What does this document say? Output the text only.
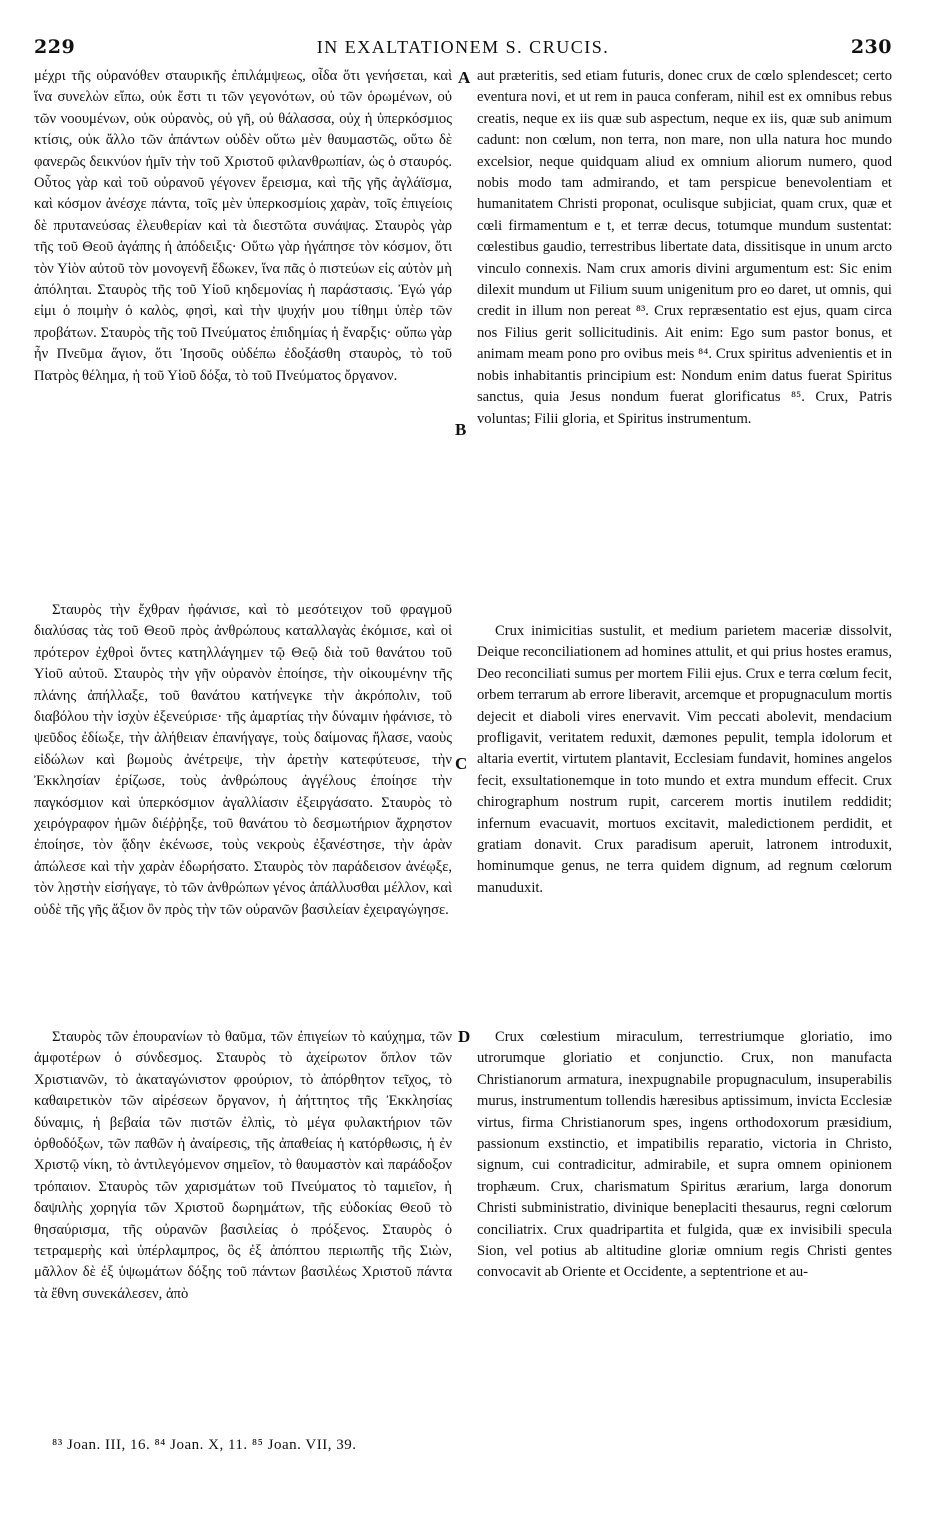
229	IN EXALTATIONEM S. CRUCIS.	230

μέχρι τῆς οὐρανόθεν σταυρικῆς ἐπιλάμψεως, οἶδα ὅτι γενήσεται, καὶ ἵνα συνελὼν εἴπω, οὐκ ἔστι τι τῶν γεγονότων, οὐ τῶν ὁρωμένων, οὐ τῶν νοουμένων, οὐκ οὐρανὸς, οὐ γῆ, οὐ θάλασσα, οὐχ ἡ ὑπερκόσμιος κτίσις, οὐκ ἄλλο τῶν ἁπάντων οὐδὲν οὕτω μὲν θαυμαστῶς, οὕτω δὲ φανερῶς δεικνύον ἡμῖν τὴν τοῦ Χριστοῦ φιλανθρωπίαν, ὡς ὁ σταυρός. Οὗτος γὰρ καὶ τοῦ οὐρανοῦ γέγονεν ἔρεισμα, καὶ τῆς γῆς ἀγλάϊσμα, καὶ κόσμον ἀνέσχε πάντα, τοῖς μὲν ὑπερκοσμίοις χαρὰν, τοῖς ἐπιγείοις δὲ πρυτανεύσας ἐλευθερίαν καὶ τὰ διεστῶτα συνάψας. Σταυρὸς γὰρ τῆς τοῦ Θεοῦ ἀγάπης ἡ ἀπόδειξις· Οὕτω γὰρ ἠγάπησε τὸν κόσμον, ὅτι τὸν Υἱὸν αὐτοῦ τὸν μονογενῆ ἔδωκεν, ἵνα πᾶς ὁ πιστεύων εἰς αὐτὸν μὴ ἀπόληται. Σταυρὸς τῆς τοῦ Υἱοῦ κηδεμονίας ἡ παράστασις. Ἐγώ γάρ εἰμι ὁ ποιμὴν ὁ καλὸς, φησὶ, καὶ τὴν ψυχήν μου τίθημι ὑπὲρ τῶν προβάτων. Σταυρὸς τῆς τοῦ Πνεύματος ἐπιδημίας ἡ ἔναρξις· οὔπω γὰρ ἦν Πνεῦμα ἅγιον, ὅτι Ἰησοῦς οὐδέπω ἐδοξάσθη σταυρὸς, τὸ τοῦ Πατρὸς θέλημα, ἡ τοῦ Υἱοῦ δόξα, τὸ τοῦ Πνεύματος ὄργανον.

Σταυρὸς τὴν ἔχθραν ἠφάνισε, καὶ τὸ μεσότειχον τοῦ φραγμοῦ διαλύσας τὰς τοῦ Θεοῦ πρὸς ἀνθρώπους καταλλαγὰς ἐκόμισε, καὶ οἱ πρότερον ἐχθροὶ ὄντες κατηλλάγημεν τῷ Θεῷ διὰ τοῦ θανάτου τοῦ Υἱοῦ αὐτοῦ. Σταυρὸς τὴν γῆν οὐρανὸν ἐποίησε, τὴν οἰκουμένην τῆς πλάνης ἀπήλλαξε, τοῦ θανάτου κατήνεγκε τὴν ἀκρόπολιν, τοῦ διαβόλου τὴν ἰσχὺν ἐξενεύρισε· τῆς ἁμαρτίας τὴν δύναμιν ἠφάνισε, τὸ ψεῦδος ἐδίωξε, τὴν ἀλήθειαν ἐπανήγαγε, τοὺς δαίμονας ἤλασε, ναοὺς εἰδώλων καὶ βωμοὺς ἀνέτρεψε, τὴν ἀρετὴν κατεφύτευσε, τὴν Ἐκκλησίαν ἐρίζωσε, τοὺς ἀνθρώπους ἀγγέλους ἐποίησε τὴν παγκόσμιον καὶ ὑπερκόσμιον ἀγαλλίασιν ἐξειργάσατο. Σταυρὸς τὸ χειρόγραφον ἡμῶν διέῤῥηξε, τοῦ θανάτου τὸ δεσμωτήριον ἄχρηστον ἐποίησε, τὸν ᾅδην ἐκένωσε, τοὺς νεκροὺς ἐξανέστησε, τὴν ἀρὰν ἀπώλεσε καὶ τὴν χαρὰν ἐδωρήσατο. Σταυρὸς τὸν παράδεισον ἀνέῳξε, τὸν λῃστὴν εἰσήγαγε, τὸ τῶν ἀνθρώπων γένος ἀπάλλυσθαι μέλλον, καὶ οὐδὲ τῆς γῆς ἄξιον ὂν πρὸς τὴν τῶν οὐρανῶν βασιλείαν ἐχειραγώγησε.

Σταυρὸς τῶν ἐπουρανίων τὸ θαῦμα, τῶν ἐπιγείων τὸ καύχημα, τῶν ἀμφοτέρων ὁ σύνδεσμος. Σταυρὸς τὸ ἀχείρωτον ὅπλον τῶν Χριστιανῶν, τὸ ἀκαταγώνιστον φρούριον, τὸ ἀπόρθητον τεῖχος, τὸ καθαιρετικὸν τῶν αἱρέσεων ὄργανον, ἡ ἀήττητος τῆς Ἐκκλησίας δύναμις, ἡ βεβαία τῶν πιστῶν ἐλπὶς, τὸ μέγα φυλακτήριον τῶν ὀρθοδόξων, τῶν παθῶν ἡ ἀναίρεσις, τῆς ἀπαθείας ἡ κατόρθωσις, ἡ ἐν Χριστῷ νίκη, τὸ ἀντιλεγόμενον σημεῖον, τὸ θαυμαστὸν καὶ παράδοξον τρόπαιον. Σταυρὸς τῶν χαρισμάτων τοῦ Πνεύματος τὸ ταμιεῖον, ἡ δαψιλὴς χορηγία τῶν Χριστοῦ δωρημάτων, τῆς εὐδοκίας Θεοῦ τὸ θησαύρισμα, τῆς οὐρανῶν βασιλείας ὁ πρόξενος. Σταυρὸς ὁ τετραμερὴς καὶ ὑπέρλαμπρος, ὃς ἐξ ἀπόπτου περιωπῆς τῆς Σιὼν, μᾶλλον δὲ ἐξ ὑψωμάτων δόξης τοῦ πάντων βασιλέως Χριστοῦ πάντα τὰ ἔθνη συνεκάλεσεν, ἀπὸ

aut præteritis, sed etiam futuris, donec crux de cœlo splendescet; certo eventura novi, et ut rem in pauca conferam, nihil est ex omnibus rebus creatis, neque ex iis quæ sub aspectum, neque ex iis, quæ sub animum cadunt: non cœlum, non terra, non mare, non ulla natura hoc mundo excelsior, neque quidquam aliud ex omnium aliorum numero, quod nobis modo tam admirando, et tam perspicue benevolentiam et humanitatem Christi proponat, oculisque subjiciat, quam crux, quæ et cœli firmamentum e t, et terræ decus, totumque mundum sustentat: cœlestibus gaudio, terrestribus libertate data, dissitisque in unum arcto vinculo connexis. Nam crux amoris divini argumentum est: Sic enim dilexit mundum ut Filium suum unigenitum pro eo daret, ut omnis, qui credit in illum non pereat ⁸³. Crux repræsentatio est ejus, quam circa nos Filius gerit sollicitudinis. Ait enim: Ego sum pastor bonus, et animam meam pono pro ovibus meis ⁸⁴. Crux spiritus advenientis et in nobis inhabitantis principium est: Nondum enim datus fuerat Spiritus sanctus, quia Jesus nondum fuerat glorificatus ⁸⁵. Crux, Patris voluntas; Filii gloria, et Spiritus instrumentum.

Crux inimicitias sustulit, et medium parietem maceriæ dissolvit, Deique reconciliationem ad homines attulit, et qui prius hostes eramus, Deo reconciliati sumus per mortem Filii ejus. Crux e terra cœlum fecit, orbem terrarum ab errore liberavit, arcemque et propugnaculum mortis dejecit et diaboli vires enervavit. Vim peccati abolevit, mendacium profligavit, veritatem reduxit, dæmones pepulit, templa idolorum et altaria evertit, virtutem plantavit, Ecclesiam fundavit, homines angelos fecit, exsultationemque in toto mundo et extra mundum effecit. Crux chirographum nostrum rupit, carcerem mortis inutilem reddidit; infernum evacuavit, mortuos excitavit, maledictionem perdidit, et gratiam donavit. Crux paradisum aperuit, latronem introduxit, hominumque genus, ne terra quidem dignum, ad regnum cœlorum manuduxit.

Crux cœlestium miraculum, terrestriumque gloriatio, imo utrorumque gloriatio et conjunctio. Crux, non manufacta Christianorum armatura, inexpugnabile propugnaculum, insuperabilis murus, instrumentum tollendis hæresibus aptissimum, invicta Ecclesiæ virtus, firma Christianorum spes, ingens orthodoxorum præsidium, passionum exstinctio, et impatibilis reparatio, victoria in Christo, signum, cui contradicitur, admirabile, et supra omnem opinionem trophæum. Crux, charismatum Spiritus ærarium, larga donorum Christi subministratio, divinique beneplaciti thesaurus, regni cœlorum conciliatrix. Crux quadripartita et fulgida, quæ ex invisibili specula Sion, vel potius ab altitudine gloriæ omnium regis Christi gentes convocavit ab Oriente et Occidente, a septentrione et au-

A
B
C
D
⁸³ Joan. III, 16. ⁸⁴ Joan. X, 11. ⁸⁵ Joan. VII, 39.
